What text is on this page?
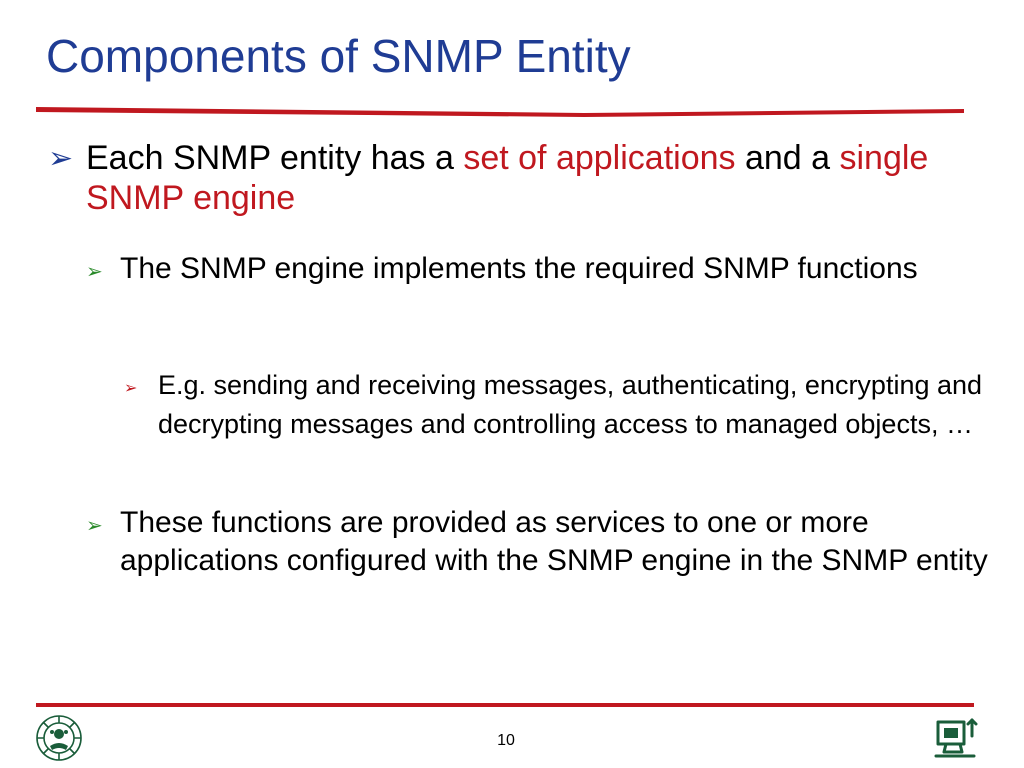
Components of SNMP Entity
➢ Each SNMP entity has a set of applications and a single SNMP engine
➢ The SNMP engine implements the required SNMP functions
➢ E.g. sending and receiving messages, authenticating, encrypting and decrypting messages and controlling access to managed objects, …
➢ These functions are provided as services to one or more applications configured with the SNMP engine in the SNMP entity
10
